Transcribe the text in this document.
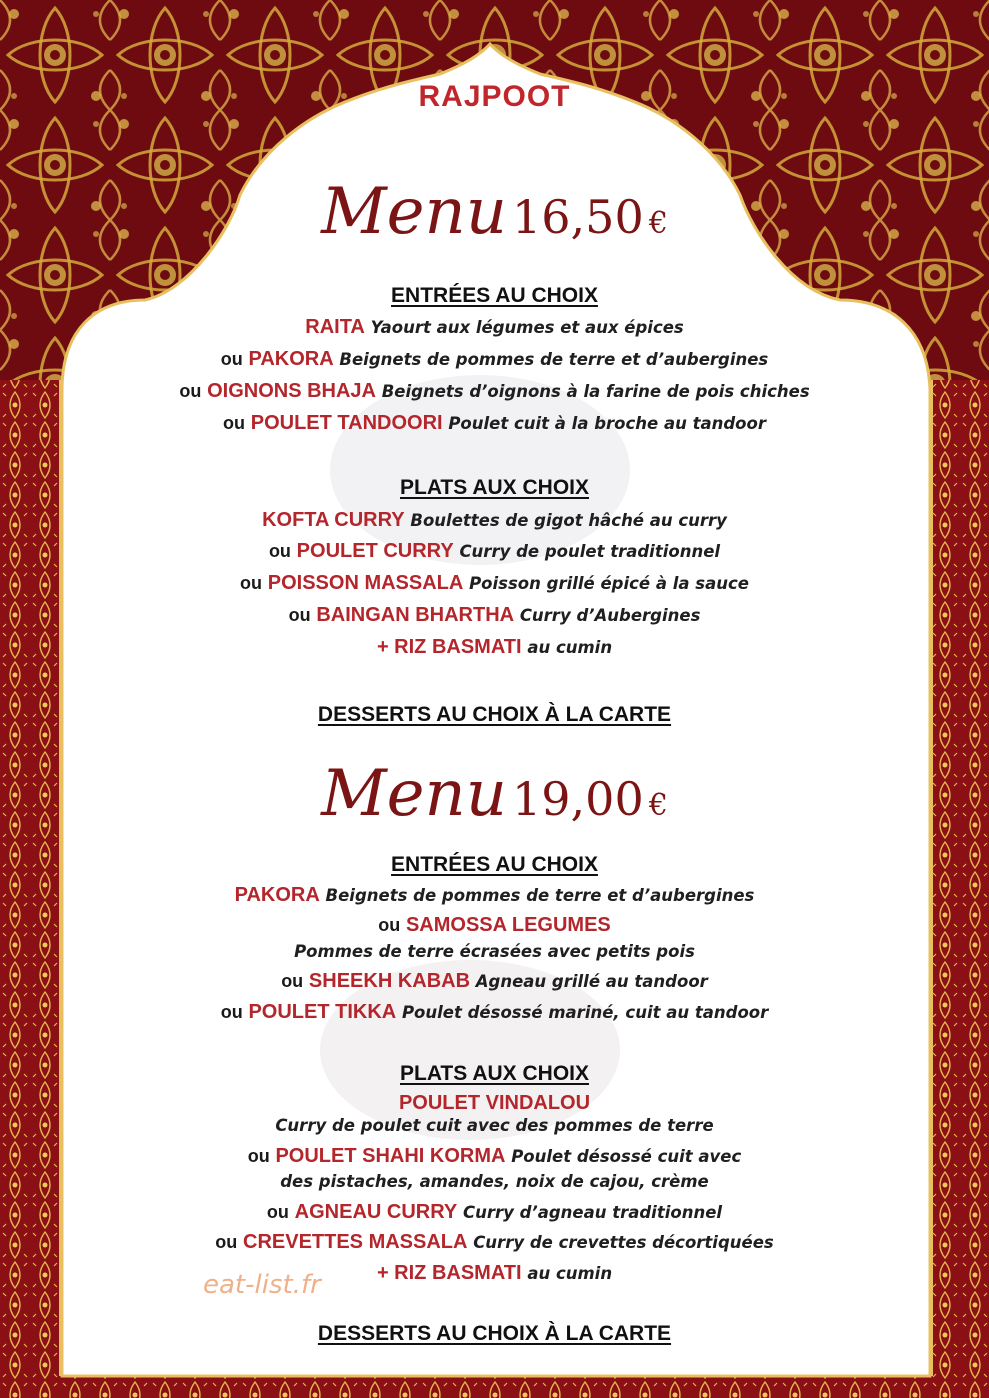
RAJPOOT
Menu 16,50 €
ENTRÉES AU CHOIX
RAITA Yaourt aux légumes et aux épices
ou PAKORA Beignets de pommes de terre et d’aubergines
ou OIGNONS BHAJA Beignets d’oignons à la farine de pois chiches
ou POULET TANDOORI Poulet cuit à la broche au tandoor
PLATS AUX CHOIX
KOFTA CURRY Boulettes de gigot hâché au curry
ou POULET CURRY Curry de poulet traditionnel
ou POISSON MASSALA Poisson grillé épicé à la sauce
ou BAINGAN BHARTHA Curry d’Aubergines
+ RIZ BASMATI au cumin
DESSERTS AU CHOIX À LA CARTE
Menu 19,00 €
ENTRÉES AU CHOIX
PAKORA Beignets de pommes de terre et d’aubergines
ou SAMOSSA LEGUMES
Pommes de terre écrasées avec petits pois
ou SHEEKH KABAB Agneau grillé au tandoor
ou POULET TIKKA Poulet désossé mariné, cuit au tandoor
PLATS AUX CHOIX
POULET VINDALOU
Curry de poulet cuit avec des pommes de terre
ou POULET SHAHI KORMA Poulet désossé cuit avec
des pistaches, amandes, noix de cajou, crème
ou AGNEAU CURRY Curry d’agneau traditionnel
ou CREVETTES MASSALA Curry de crevettes décortiquées
+ RIZ BASMATI au cumin
DESSERTS AU CHOIX À LA CARTE
eat-list.fr
